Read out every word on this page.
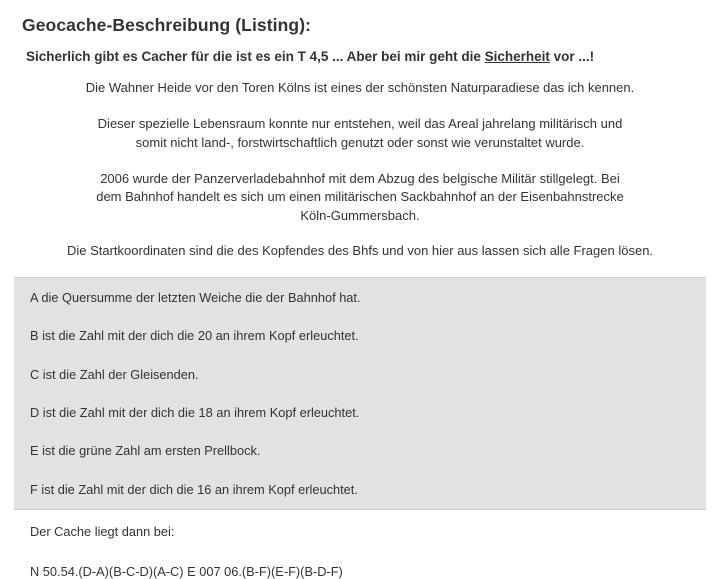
Geocache-Beschreibung (Listing):

Sicherlich gibt es Cacher für die ist es ein T 4,5 ... Aber bei mir geht die Sicherheit vor ...!

Die Wahner Heide vor den Toren Kölns ist eines der schönsten Naturparadiese das ich kennen.

Dieser spezielle Lebensraum konnte nur entstehen, weil das Areal jahrelang militärisch und somit nicht land-, forstwirtschaftlich genutzt oder sonst wie verunstaltet wurde.

2006 wurde der Panzerverladebahnhof mit dem Abzug des belgische Militär stillgelegt. Bei dem Bahnhof handelt es sich um einen militärischen Sackbahnhof an der Eisenbahnstrecke Köln-Gummersbach.

Die Startkoordinaten sind die des Kopfendes des Bhfs und von hier aus lassen sich alle Fragen lösen.

A die Quersumme der letzten Weiche die der Bahnhof hat.

B ist die Zahl mit der dich die 20 an ihrem Kopf erleuchtet.

C ist die Zahl der Gleisenden.

D ist die Zahl mit der dich die 18 an ihrem Kopf erleuchtet.

E ist die grüne Zahl am ersten Prellbock.

F ist die Zahl mit der dich die 16 an ihrem Kopf erleuchtet.

Der Cache liegt dann bei:

N 50.54.(D-A)(B-C-D)(A-C) E 007 06.(B-F)(E-F)(B-D-F)
